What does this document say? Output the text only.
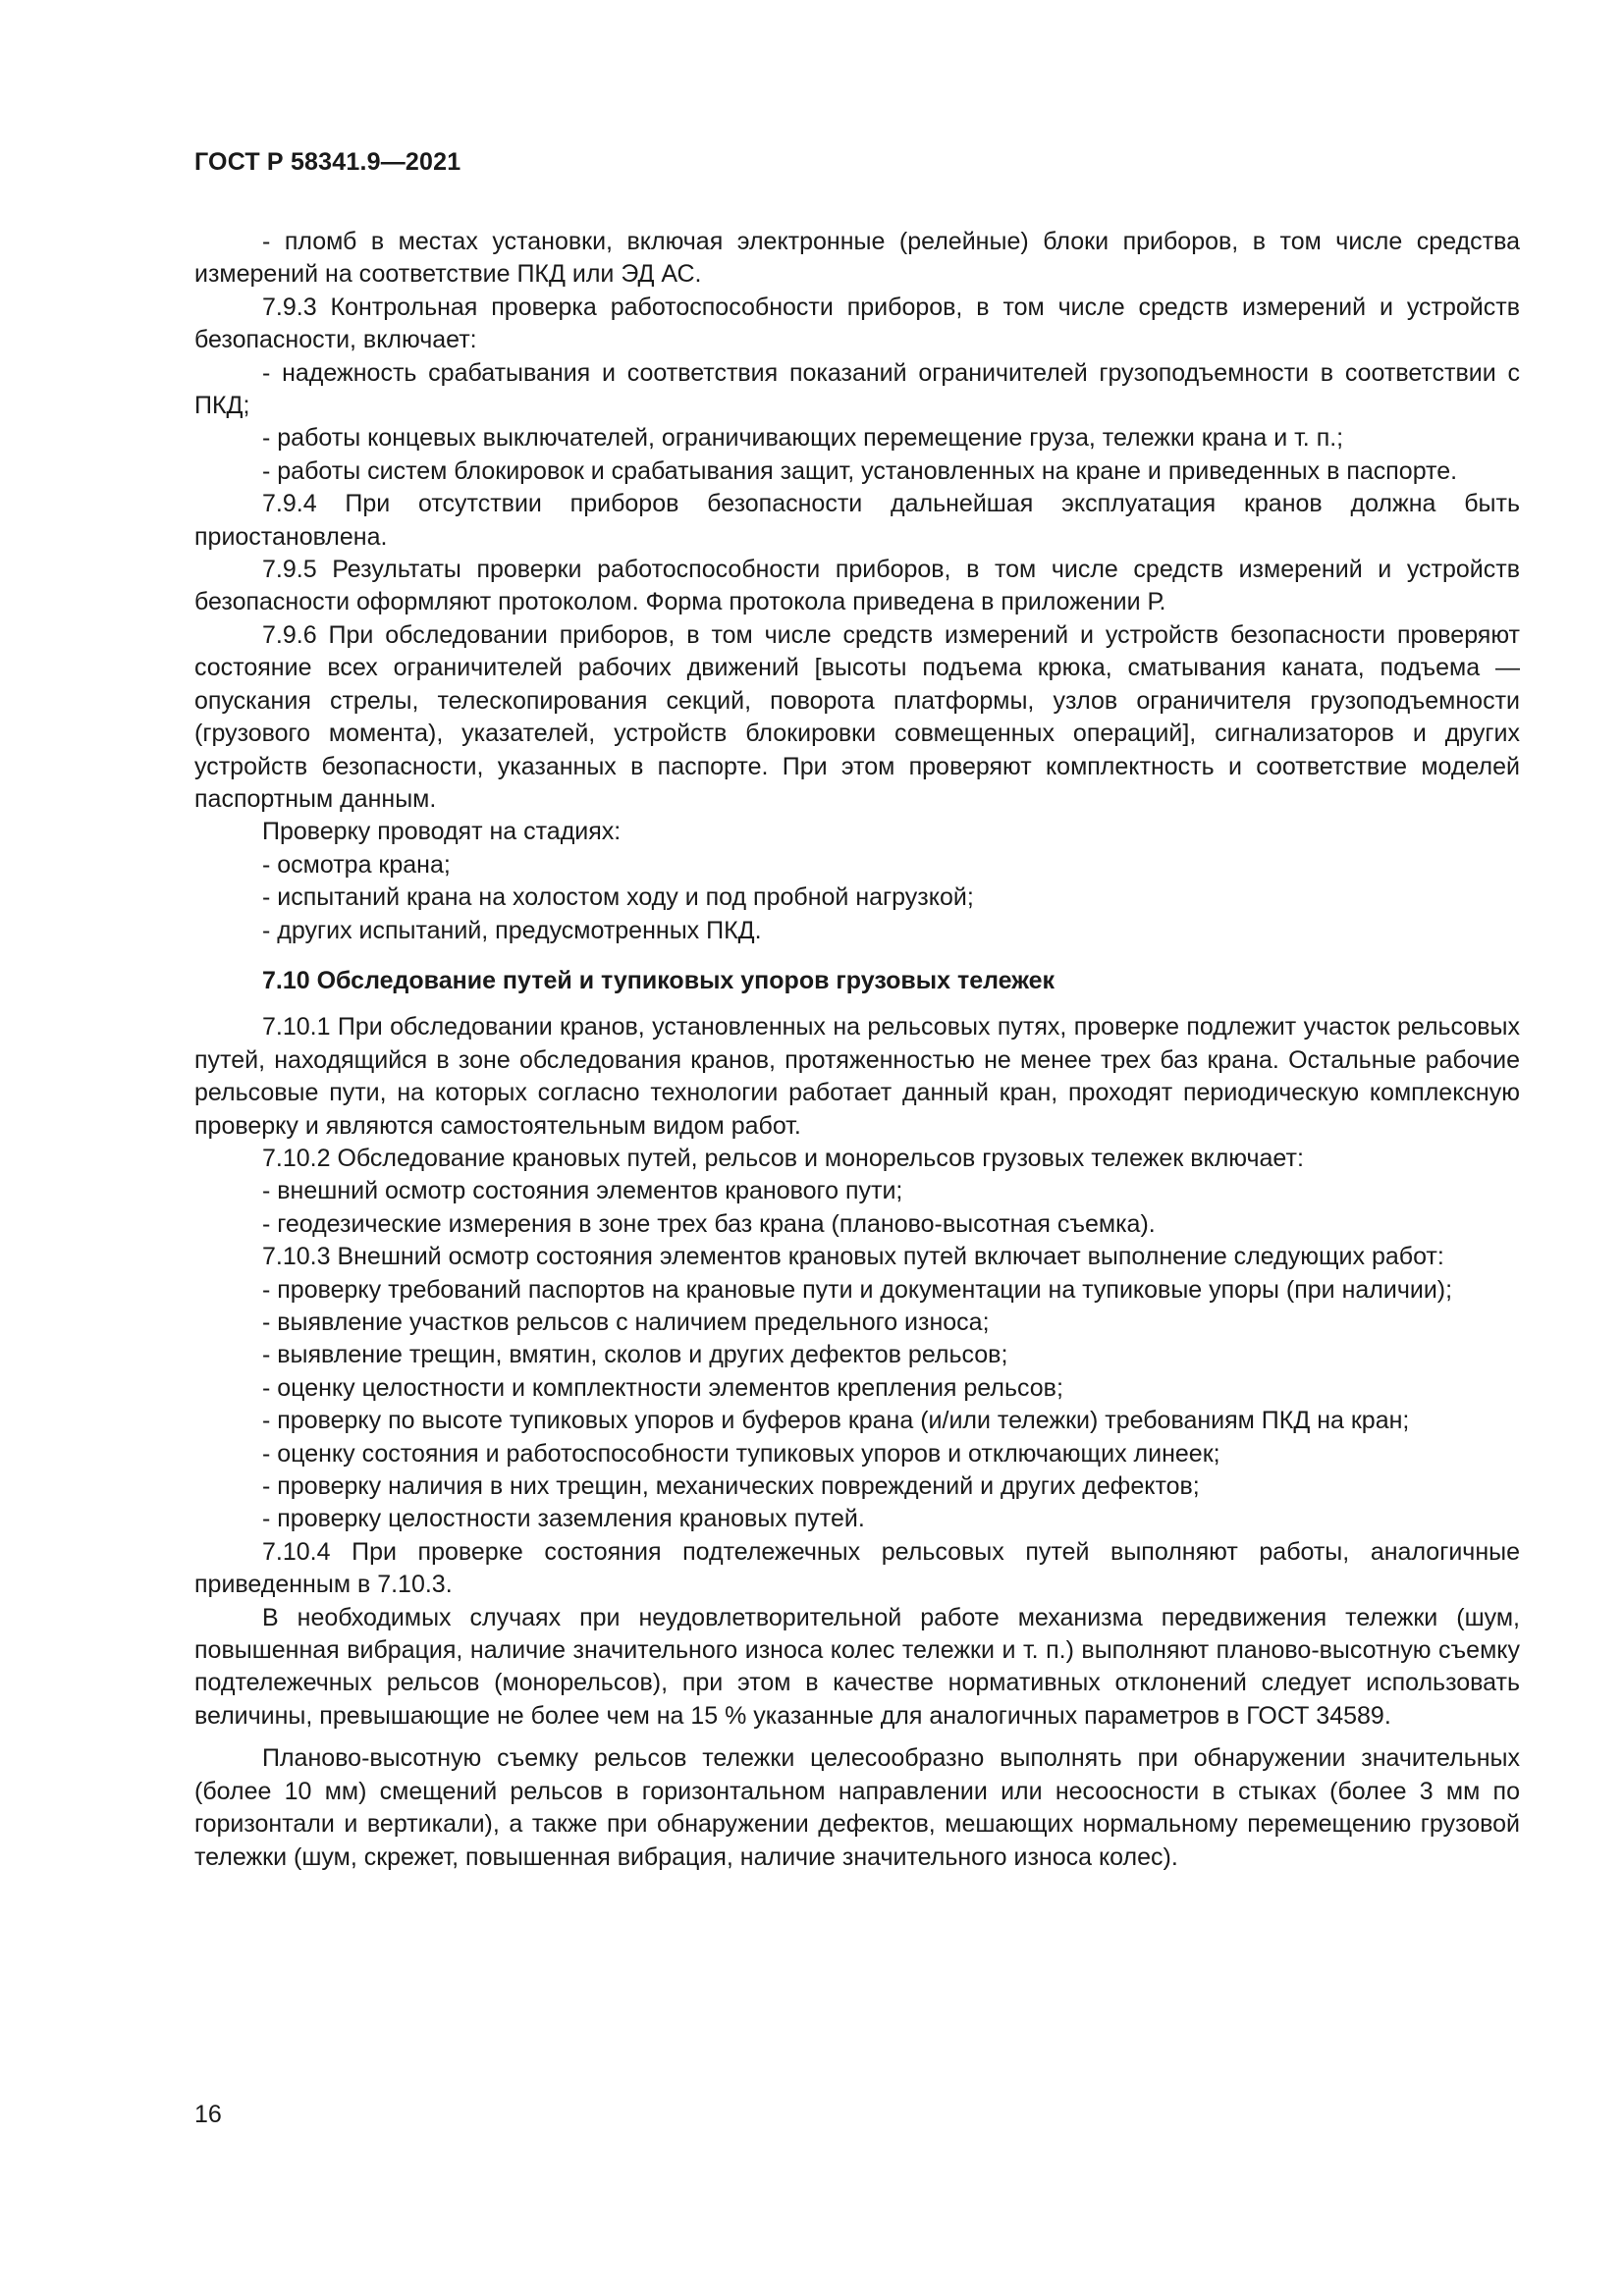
ГОСТ Р 58341.9—2021

- пломб в местах установки, включая электронные (релейные) блоки приборов, в том числе средства измерений на соответствие ПКД или ЭД АС.

7.9.3 Контрольная проверка работоспособности приборов, в том числе средств измерений и устройств безопасности, включает:

- надежность срабатывания и соответствия показаний ограничителей грузоподъемности в соответствии с ПКД;

- работы концевых выключателей, ограничивающих перемещение груза, тележки крана и т. п.;

- работы систем блокировок и срабатывания защит, установленных на кране и приведенных в паспорте.

7.9.4 При отсутствии приборов безопасности дальнейшая эксплуатация кранов должна быть приостановлена.

7.9.5 Результаты проверки работоспособности приборов, в том числе средств измерений и устройств безопасности оформляют протоколом. Форма протокола приведена в приложении Р.

7.9.6 При обследовании приборов, в том числе средств измерений и устройств безопасности проверяют состояние всех ограничителей рабочих движений [высоты подъема крюка, сматывания каната, подъема — опускания стрелы, телескопирования секций, поворота платформы, узлов ограничителя грузоподъемности (грузового момента), указателей, устройств блокировки совмещенных операций], сигнализаторов и других устройств безопасности, указанных в паспорте. При этом проверяют комплектность и соответствие моделей паспортным данным.

Проверку проводят на стадиях:

- осмотра крана;

- испытаний крана на холостом ходу и под пробной нагрузкой;

- других испытаний, предусмотренных ПКД.

7.10 Обследование путей и тупиковых упоров грузовых тележек

7.10.1 При обследовании кранов, установленных на рельсовых путях, проверке подлежит участок рельсовых путей, находящийся в зоне обследования кранов, протяженностью не менее трех баз крана. Остальные рабочие рельсовые пути, на которых согласно технологии работает данный кран, проходят периодическую комплексную проверку и являются самостоятельным видом работ.

7.10.2 Обследование крановых путей, рельсов и монорельсов грузовых тележек включает:

- внешний осмотр состояния элементов кранового пути;

- геодезические измерения в зоне трех баз крана (планово-высотная съемка).

7.10.3 Внешний осмотр состояния элементов крановых путей включает выполнение следующих работ:

- проверку требований паспортов на крановые пути и документации на тупиковые упоры (при наличии);

- выявление участков рельсов с наличием предельного износа;

- выявление трещин, вмятин, сколов и других дефектов рельсов;

- оценку целостности и комплектности элементов крепления рельсов;

- проверку по высоте тупиковых упоров и буферов крана (и/или тележки) требованиям ПКД на кран;

- оценку состояния и работоспособности тупиковых упоров и отключающих линеек;

- проверку наличия в них трещин, механических повреждений и других дефектов;

- проверку целостности заземления крановых путей.

7.10.4 При проверке состояния подтележечных рельсовых путей выполняют работы, аналогичные приведенным в 7.10.3.

В необходимых случаях при неудовлетворительной работе механизма передвижения тележки (шум, повышенная вибрация, наличие значительного износа колес тележки и т. п.) выполняют планово-высотную съемку подтележечных рельсов (монорельсов), при этом в качестве нормативных отклонений следует использовать величины, превышающие не более чем на 15 % указанные для аналогичных параметров в ГОСТ 34589.

Планово-высотную съемку рельсов тележки целесообразно выполнять при обнаружении значительных (более 10 мм) смещений рельсов в горизонтальном направлении или несоосности в стыках (более 3 мм по горизонтали и вертикали), а также при обнаружении дефектов, мешающих нормальному перемещению грузовой тележки (шум, скрежет, повышенная вибрация, наличие значительного износа колес).

16
